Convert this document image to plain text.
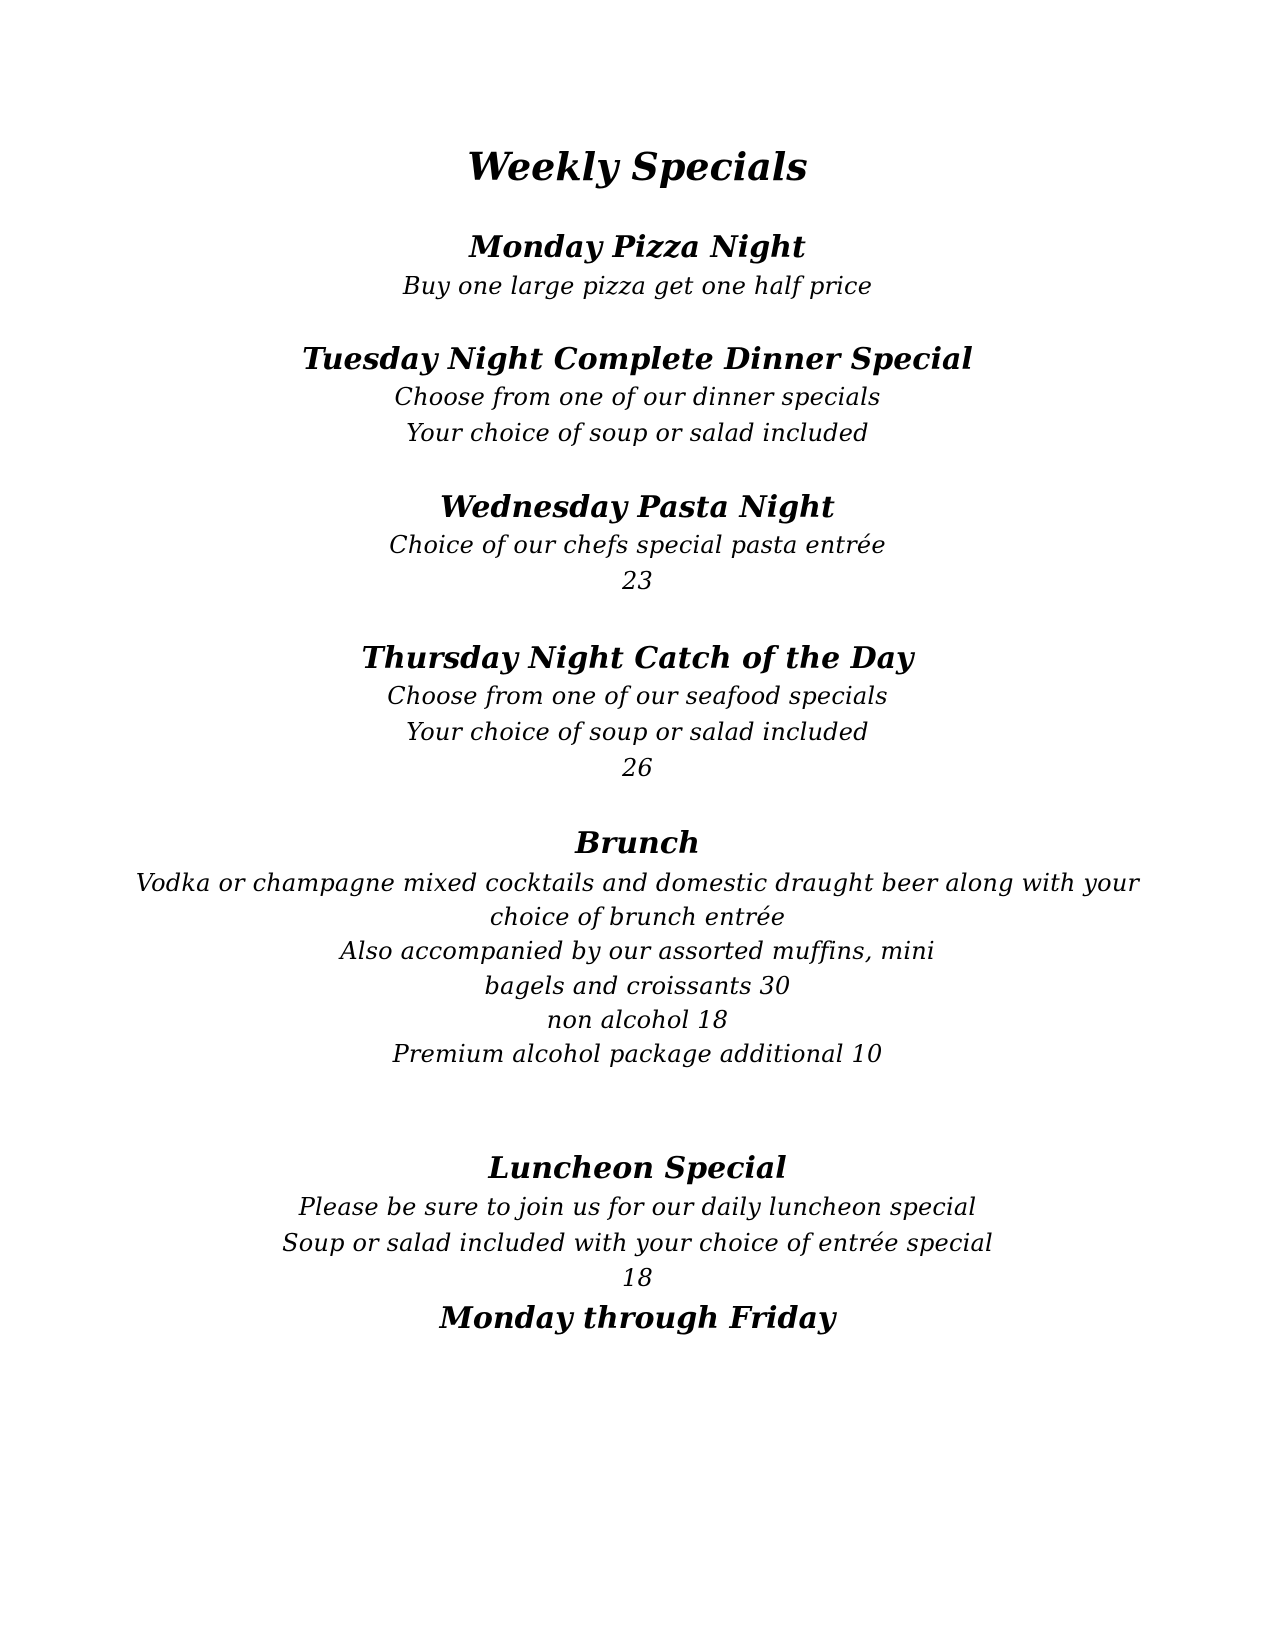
Weekly Specials
Monday Pizza Night
Buy one large pizza get one half price
Tuesday Night Complete Dinner Special
Choose from one of our dinner specials
Your choice of soup or salad included
Wednesday Pasta Night
Choice of our chefs special pasta entrée
23
Thursday Night Catch of the Day
Choose from one of our seafood specials
Your choice of soup or salad included
26
Brunch
Vodka or champagne mixed cocktails and domestic draught beer along with your
choice of brunch entrée
Also accompanied by our assorted muffins, mini
bagels and croissants 30
non alcohol 18
Premium alcohol package additional 10
Luncheon Special
Please be sure to join us for our daily luncheon special
Soup or salad included with your choice of entrée special
18
Monday through Friday
